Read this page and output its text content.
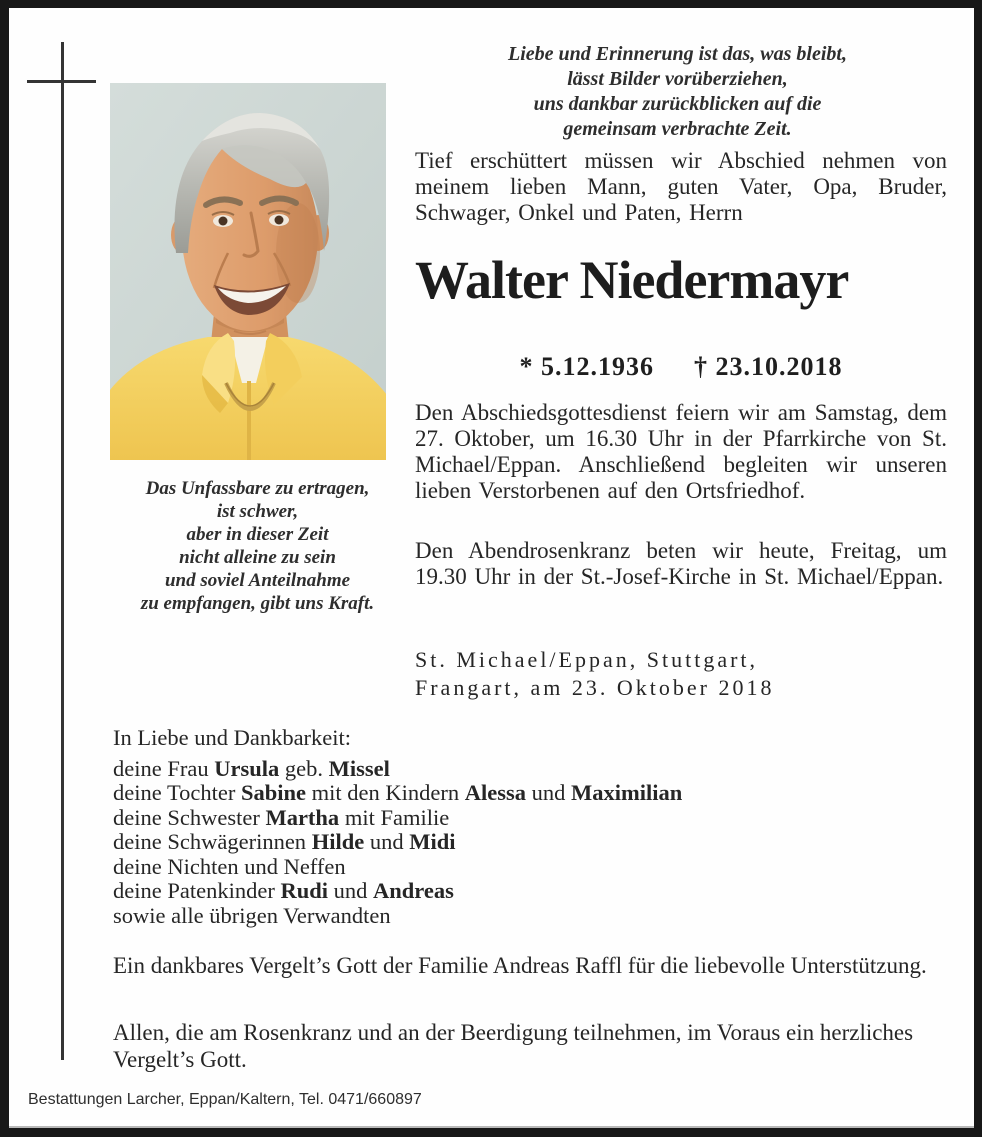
Das Unfassbare zu ertragen,
ist schwer,
aber in dieser Zeit
nicht alleine zu sein
und soviel Anteilnahme
zu empfangen, gibt uns Kraft.
Liebe und Erinnerung ist das, was bleibt,
lässt Bilder vorüberziehen,
uns dankbar zurückblicken auf die
gemeinsam verbrachte Zeit.

Tief erschüttert müssen wir Abschied nehmen von meinem lieben Mann, guten Vater, Opa, Bruder, Schwager, Onkel und Paten, Herrn

Walter Niedermayr
* 5.12.1936 † 23.10.2018

Den Abschiedsgottesdienst feiern wir am Samstag, dem 27. Oktober, um 16.30 Uhr in der Pfarrkirche von St. Michael/Eppan. Anschließend begleiten wir unseren lieben Verstorbenen auf den Ortsfriedhof.

Den Abendrosenkranz beten wir heute, Freitag, um 19.30 Uhr in der St.-Josef-Kirche in St. Michael/Eppan.

St. Michael/Eppan, Stuttgart,
Frangart, am 23. Oktober 2018
In Liebe und Dankbarkeit:
deine Frau Ursula geb. Missel
deine Tochter Sabine mit den Kindern Alessa und Maximilian
deine Schwester Martha mit Familie
deine Schwägerinnen Hilde und Midi
deine Nichten und Neffen
deine Patenkinder Rudi und Andreas
sowie alle übrigen Verwandten

Ein dankbares Vergelt’s Gott der Familie Andreas Raffl für die liebevolle Unterstützung.

Allen, die am Rosenkranz und an der Beerdigung teilnehmen, im Voraus ein herzliches Vergelt’s Gott.

Bestattungen Larcher, Eppan/Kaltern, Tel. 0471/660897
